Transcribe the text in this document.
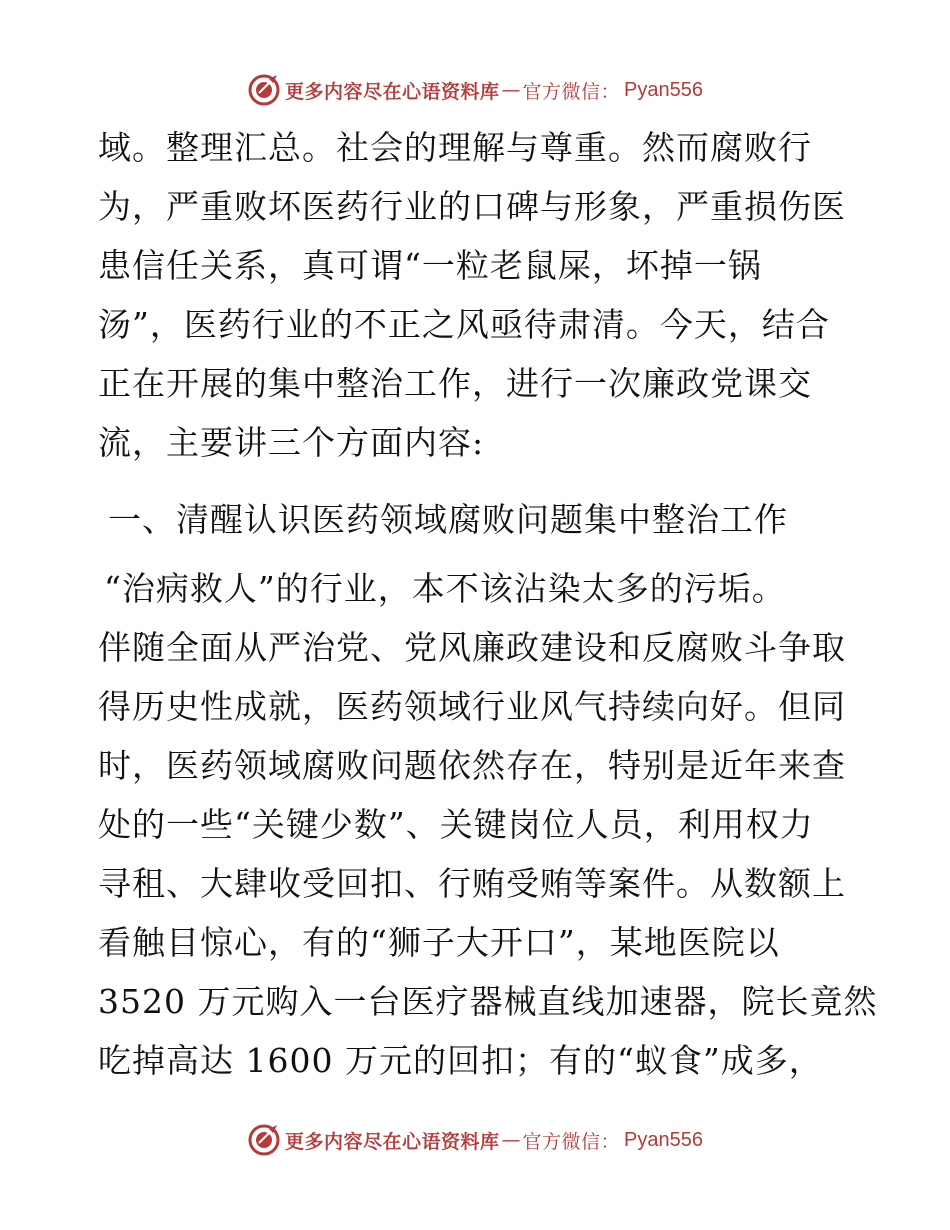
更多内容尽在心语资料库 — 官方微信： Pyan556
域。整理汇总。社会的理解与尊重。然而腐败行
为，严重败坏医药行业的口碑与形象，严重损伤医
患信任关系，真可谓“一粒老鼠屎，坏掉一锅
汤”，医药行业的不正之风亟待肃清。今天，结合
正在开展的集中整治工作，进行一次廉政党课交
流，主要讲三个方面内容:
一、清醒认识医药领域腐败问题集中整治工作
“治病救人”的行业，本不该沾染太多的污垢。
伴随全面从严治党、党风廉政建设和反腐败斗争取
得历史性成就，医药领域行业风气持续向好。但同
时，医药领域腐败问题依然存在，特别是近年来查
处的一些“关键少数”、关键岗位人员，利用权力
寻租、大肆收受回扣、行贿受贿等案件。从数额上
看触目惊心，有的“狮子大开口”，某地医院以
3520 万元购入一台医疗器械直线加速器，院长竟然
吃掉高达 1600 万元的回扣；有的“蚁食”成多，
更多内容尽在心语资料库 — 官方微信： Pyan556
